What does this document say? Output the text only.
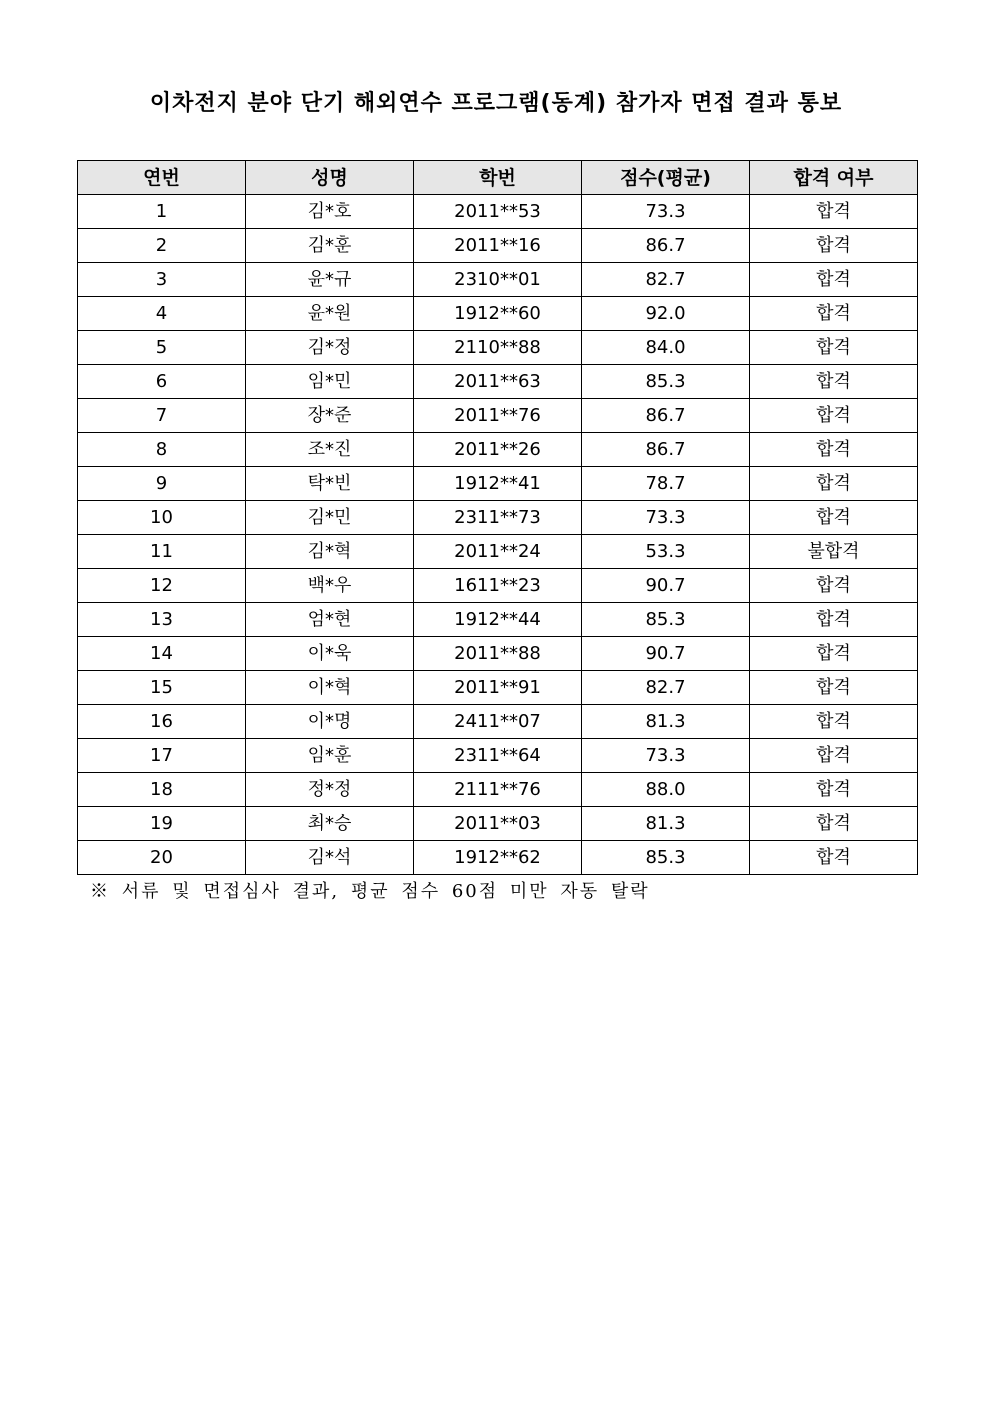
이차전지 분야 단기 해외연수 프로그램(동계) 참가자 면접 결과 통보
연번	성명	학번	점수(평균)	합격 여부
1	김*호	2011**53	73.3	합격
2	김*훈	2011**16	86.7	합격
3	윤*규	2310**01	82.7	합격
4	윤*원	1912**60	92.0	합격
5	김*정	2110**88	84.0	합격
6	임*민	2011**63	85.3	합격
7	장*준	2011**76	86.7	합격
8	조*진	2011**26	86.7	합격
9	탁*빈	1912**41	78.7	합격
10	김*민	2311**73	73.3	합격
11	김*혁	2011**24	53.3	불합격
12	백*우	1611**23	90.7	합격
13	엄*현	1912**44	85.3	합격
14	이*욱	2011**88	90.7	합격
15	이*혁	2011**91	82.7	합격
16	이*명	2411**07	81.3	합격
17	임*훈	2311**64	73.3	합격
18	정*정	2111**76	88.0	합격
19	최*승	2011**03	81.3	합격
20	김*석	1912**62	85.3	합격
※ 서류 및 면접심사 결과, 평균 점수 60점 미만 자동 탈락
